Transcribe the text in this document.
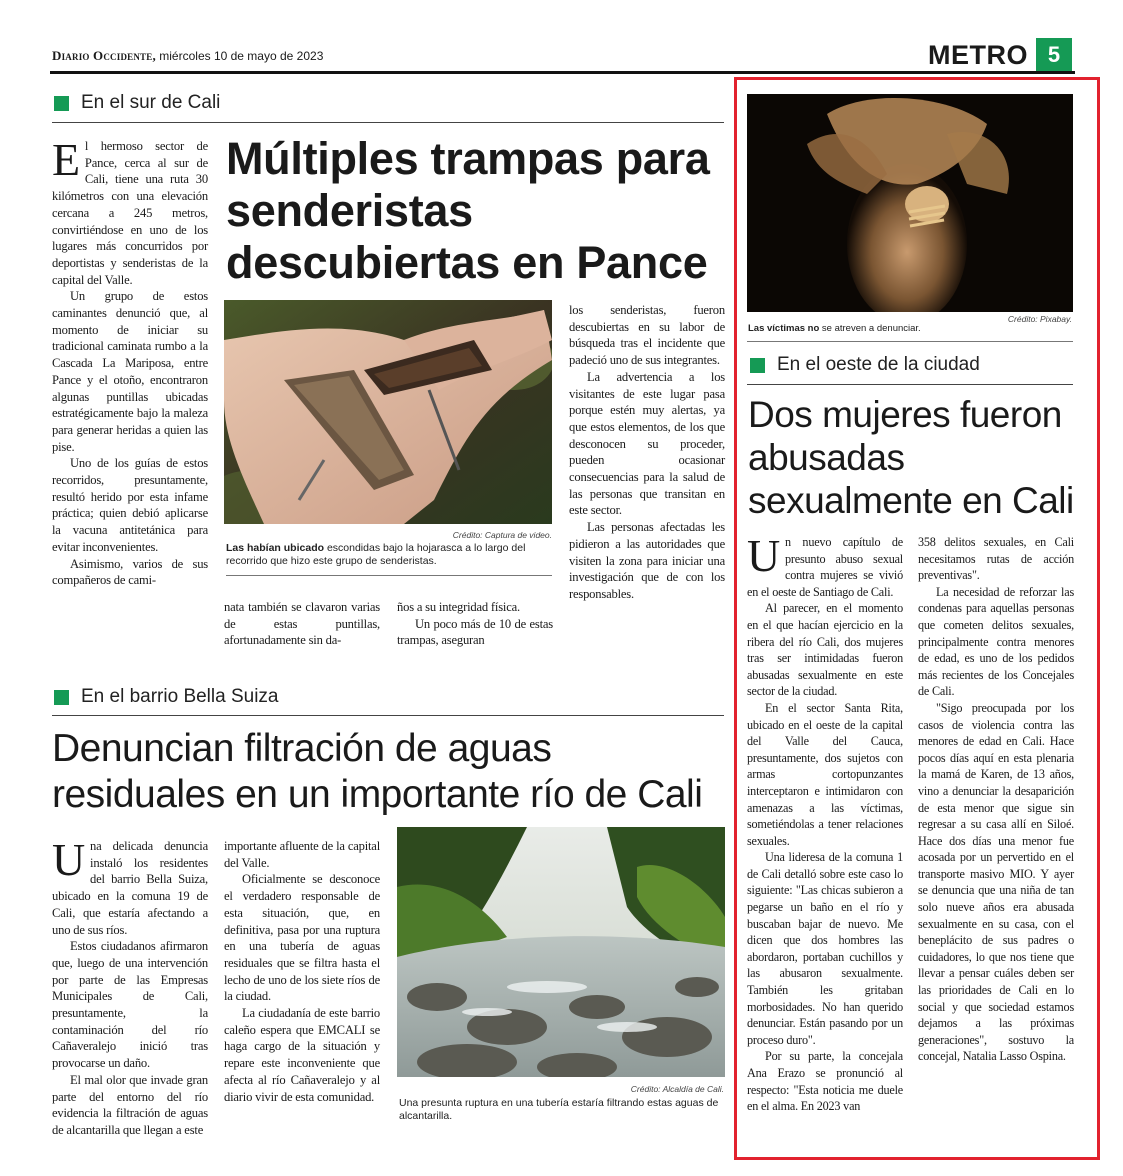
Diario Occidente, miércoles 10 de mayo de 2023	METRO 5
En el sur de Cali

El hermoso sector de Pance, cerca al sur de Cali, tiene una ruta 30 kilómetros con una elevación cercana a 245 metros, convirtiéndose en uno de los lugares más concurridos por deportistas y senderistas de la capital del Valle.

Un grupo de estos caminantes denunció que, al momento de iniciar su tradicional caminata rumbo a la Cascada La Mariposa, entre Pance y el otoño, encontraron algunas puntillas ubicadas estratégicamente bajo la maleza para generar heridas a quien las pise.

Uno de los guías de estos recorridos, presuntamente, resultó herido por esta infame práctica; quien debió aplicarse la vacuna antitetánica para evitar inconvenientes.

Asimismo, varios de sus compañeros de cami-

Múltiples trampas para senderistas descubiertas en Pance
Crédito: Captura de video.
Las habían ubicado escondidas bajo la hojarasca a lo largo del recorrido que hizo este grupo de senderistas.

nata también se clavaron varias de estas puntillas, afortunadamente sin da-

ños a su integridad física.

Un poco más de 10 de estas trampas, aseguran

los senderistas, fueron descubiertas en su labor de búsqueda tras el incidente que padeció uno de sus integrantes.

La advertencia a los visitantes de este lugar pasa porque estén muy alertas, ya que estos elementos, de los que desconocen su proceder, pueden ocasionar consecuencias para la salud de las personas que transitan en este sector.

Las personas afectadas les pidieron a las autoridades que visiten la zona para iniciar una investigación que de con los responsables.

En el barrio Bella Suiza
Denuncian filtración de aguas residuales en un importante río de Cali

Una delicada denuncia instaló los residentes del barrio Bella Suiza, ubicado en la comuna 19 de Cali, que estaría afectando a uno de sus ríos.

Estos ciudadanos afirmaron que, luego de una intervención por parte de las Empresas Municipales de Cali, presuntamente, la contaminación del río Cañaveralejo inició tras provocarse un daño.

El mal olor que invade gran parte del entorno del río evidencia la filtración de aguas de alcantarilla que llegan a este

importante afluente de la capital del Valle.

Oficialmente se desconoce el verdadero responsable de esta situación, que, en definitiva, pasa por una ruptura en una tubería de aguas residuales que se filtra hasta el lecho de uno de los siete ríos de la ciudad.

La ciudadanía de este barrio caleño espera que EMCALI se haga cargo de la situación y repare este inconveniente que afecta al río Cañaveralejo y al diario vivir de esta comunidad.

Crédito: Alcaldía de Cali.
Una presunta ruptura en una tubería estaría filtrando estas aguas de alcantarilla.
Crédito: Pixabay.
Las víctimas no se atreven a denunciar.
En el oeste de la ciudad
Dos mujeres fueron abusadas sexualmente en Cali

Un nuevo capítulo de presunto abuso sexual contra mujeres se vivió en el oeste de Santiago de Cali.

Al parecer, en el momento en el que hacían ejercicio en la ribera del río Cali, dos mujeres tras ser intimidadas fueron abusadas sexualmente en este sector de la ciudad.

En el sector Santa Rita, ubicado en el oeste de la capital del Valle del Cauca, presuntamente, dos sujetos con armas cortopunzantes interceptaron e intimidaron con amenazas a las víctimas, sometiéndolas a tener relaciones sexuales.

Una lideresa de la comuna 1 de Cali detalló sobre este caso lo siguiente: "Las chicas subieron a pegarse un baño en el río y buscaban bajar de nuevo. Me dicen que dos hombres las abordaron, portaban cuchillos y las abusaron sexualmente. También les gritaban morbosidades. No han querido denunciar. Están pasando por un proceso duro".

Por su parte, la concejala Ana Erazo se pronunció al respecto: "Esta noticia me duele en el alma. En 2023 van

358 delitos sexuales, en Cali necesitamos rutas de acción preventivas".

La necesidad de reforzar las condenas para aquellas personas que cometen delitos sexuales, principalmente contra menores de edad, es uno de los pedidos más recientes de los Concejales de Cali.

"Sigo preocupada por los casos de violencia contra las menores de edad en Cali. Hace pocos días aquí en esta plenaria la mamá de Karen, de 13 años, vino a denunciar la desaparición de esta menor que sigue sin regresar a su casa allí en Siloé. Hace dos días una menor fue acosada por un pervertido en el transporte masivo MIO. Y ayer se denuncia que una niña de tan solo nueve años era abusada sexualmente en su casa, con el beneplácito de sus padres o cuidadores, lo que nos tiene que llevar a pensar cuáles deben ser las prioridades de Cali en lo social y que sociedad estamos dejamos a las próximas generaciones", sostuvo la concejal, Natalia Lasso Ospina.
